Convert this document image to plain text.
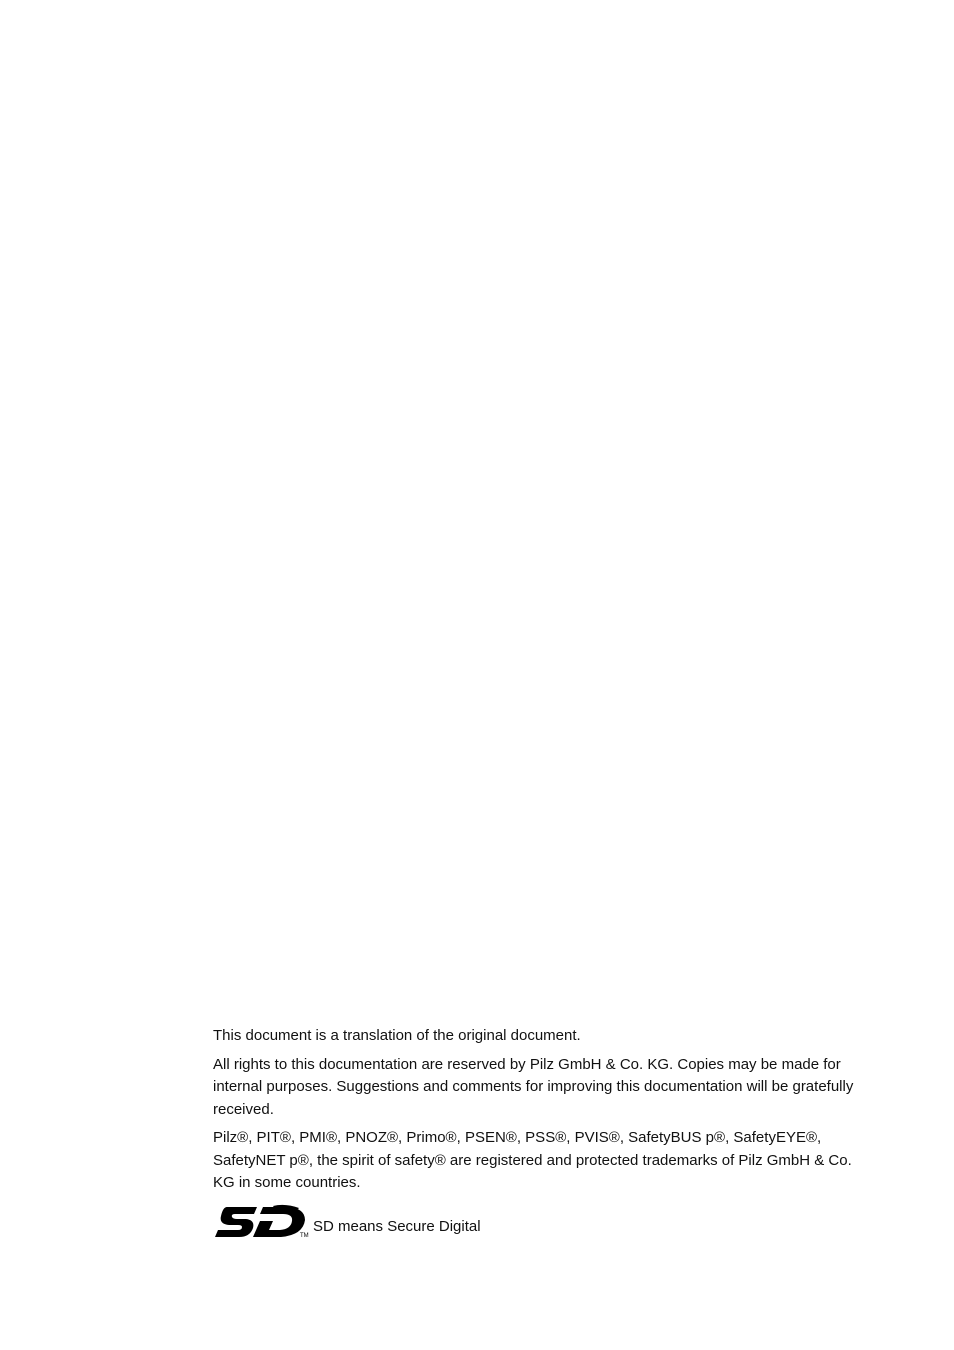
This document is a translation of the original document.

All rights to this documentation are reserved by Pilz GmbH & Co. KG. Copies may be made for internal purposes. Suggestions and comments for improving this documentation will be gratefully received.

Pilz®, PIT®, PMI®, PNOZ®, Primo®, PSEN®, PSS®, PVIS®, SafetyBUS p®, SafetyEYE®, SafetyNET p®, the spirit of safety® are registered and protected trademarks of Pilz GmbH & Co. KG in some countries.

TM
SD means Secure Digital
